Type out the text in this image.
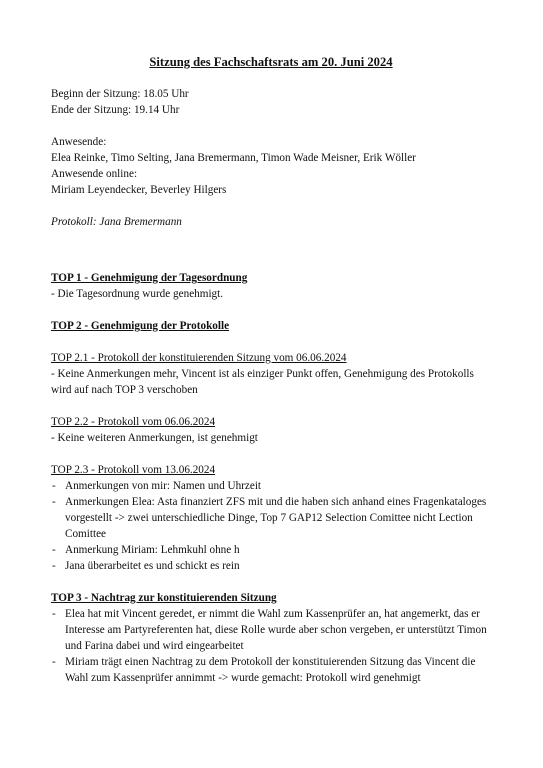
Sitzung des Fachschaftsrats am 20. Juni 2024
Beginn der Sitzung: 18.05 Uhr
Ende der Sitzung: 19.14 Uhr
Anwesende:
Elea Reinke, Timo Selting, Jana Bremermann, Timon Wade Meisner, Erik Wöller
Anwesende online:
Miriam Leyendecker, Beverley Hilgers
Protokoll: Jana Bremermann
TOP 1 - Genehmigung der Tagesordnung
- Die Tagesordnung wurde genehmigt.
TOP 2 - Genehmigung der Protokolle
TOP 2.1 - Protokoll der konstituierenden Sitzung vom 06.06.2024
- Keine Anmerkungen mehr, Vincent ist als einziger Punkt offen, Genehmigung des Protokolls wird auf nach TOP 3 verschoben
TOP 2.2 - Protokoll vom 06.06.2024
- Keine weiteren Anmerkungen, ist genehmigt
TOP 2.3 - Protokoll vom 13.06.2024
- Anmerkungen von mir: Namen und Uhrzeit
- Anmerkungen Elea: Asta finanziert ZFS mit und die haben sich anhand eines Fragenkataloges vorgestellt -> zwei unterschiedliche Dinge, Top 7 GAP12 Selection Comittee nicht Lection Comittee
- Anmerkung Miriam: Lehmkuhl ohne h
- Jana überarbeitet es und schickt es rein
TOP 3 - Nachtrag zur konstituierenden Sitzung
- Elea hat mit Vincent geredet, er nimmt die Wahl zum Kassenprüfer an, hat angemerkt, das er Interesse am Partyreferenten hat, diese Rolle wurde aber schon vergeben, er unterstützt Timon und Farina dabei und wird eingearbeitet
- Miriam trägt einen Nachtrag zu dem Protokoll der konstituierenden Sitzung das Vincent die Wahl zum Kassenprüfer annimmt -> wurde gemacht: Protokoll wird genehmigt
